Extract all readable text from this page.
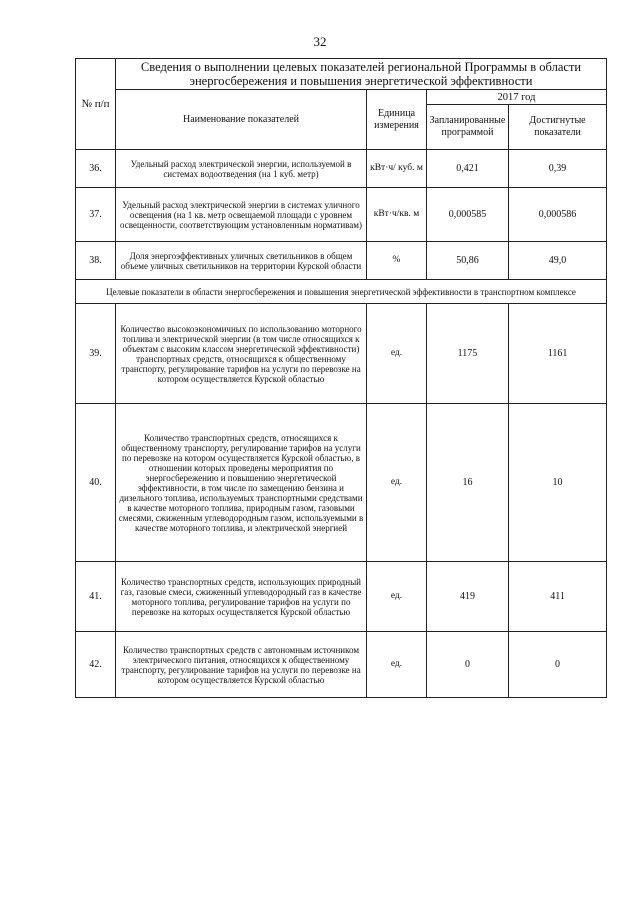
32
№ п/п	Сведения о выполнении целевых показателей региональной Программы в области энергосбережения и повышения энергетической эффективности			
	Наименование показателей	Единица измерения	2017 год	
			Запланированные программой	Достигнутые показатели
36.	Удельный расход электрической энергии, используемой в системах водоотведения (на 1 куб. метр)	кВт·ч/ куб. м	0,421	0,39
37.	Удельный расход электрической энергии в системах уличного освещения (на 1 кв. метр освещаемой площади с уровнем освещенности, соответствующим установленным нормативам)	кВт·ч/кв. м	0,000585	0,000586
38.	Доля энергоэффективных уличных светильников в общем объеме уличных светильников на территории Курской области	%	50,86	49,0
Целевые показатели в области энергосбережения и повышения энергетической эффективности в транспортном комплексе				
39.	Количество высокоэкономичных по использованию моторного топлива и электрической энергии (в том числе относящихся к объектам с высоким классом энергетической эффективности) транспортных средств, относящихся к общественному транспорту, регулирование тарифов на услуги по перевозке на котором осуществляется Курской областью	ед.	1175	1161
40.	Количество транспортных средств, относящихся к общественному транспорту, регулирование тарифов на услуги по перевозке на котором осуществляется Курской областью, в отношении которых проведены мероприятия по энергосбережению и повышению энергетической эффективности, в том числе по замещению бензина и дизельного топлива, используемых транспортными средствами в качестве моторного топлива, природным газом, газовыми смесями, сжиженным углеводородным газом, используемыми в качестве моторного топлива, и электрической энергией	ед.	16	10
41.	Количество транспортных средств, использующих природный газ, газовые смеси, сжиженный углеводородный газ в качестве моторного топлива, регулирование тарифов на услуги по перевозке на которых осуществляется Курской областью	ед.	419	411
42.	Количество транспортных средств с автономным источником электрического питания, относящихся к общественному транспорту, регулирование тарифов на услуги по перевозке на котором осуществляется Курской областью	ед.	0	0
